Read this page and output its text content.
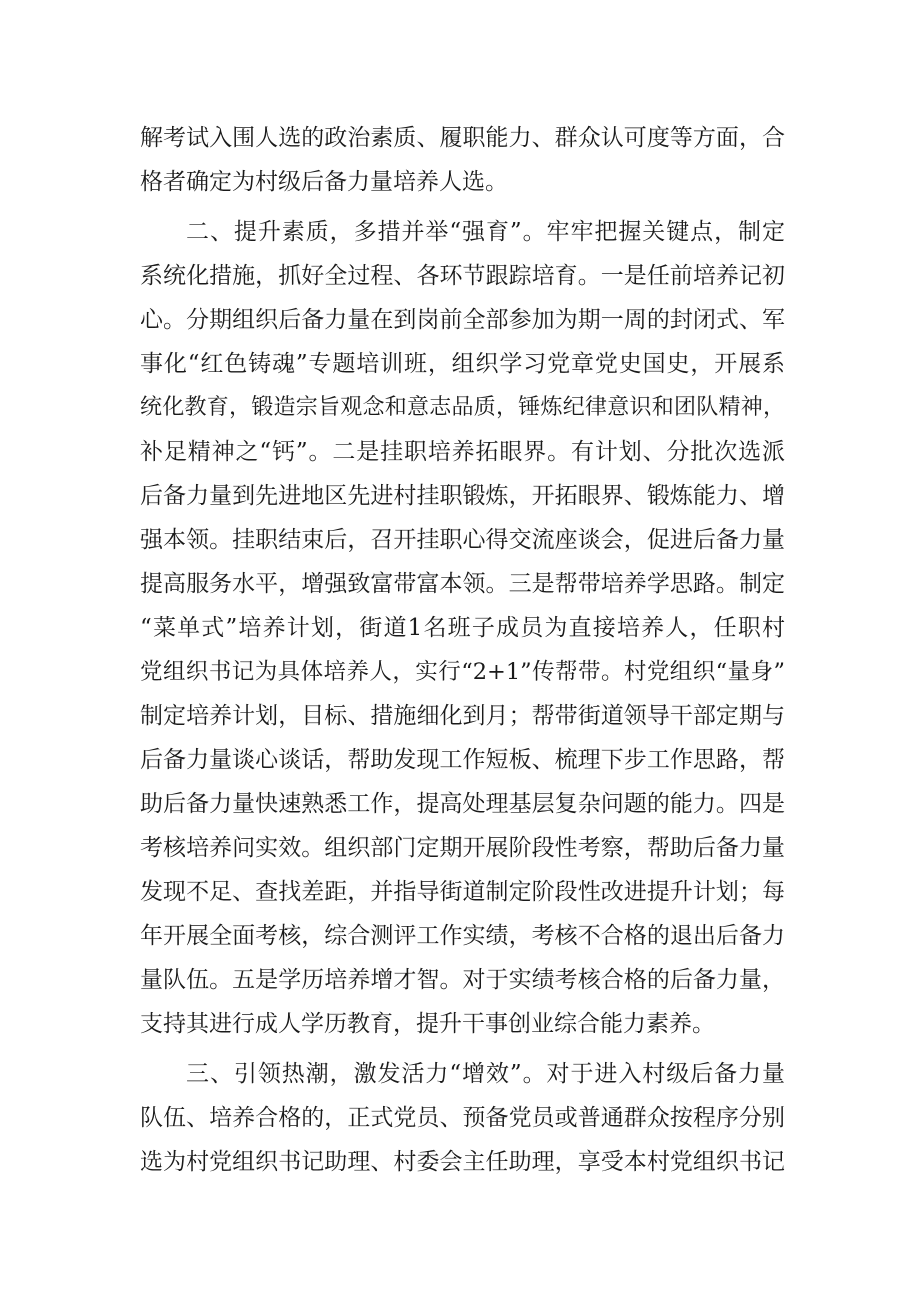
解考试入围人选的政治素质、履职能力、群众认可度等方面，合
格者确定为村级后备力量培养人选。
二、提升素质，多措并举“强育”。牢牢把握关键点，制定
系统化措施，抓好全过程、各环节跟踪培育。一是任前培养记初
心。分期组织后备力量在到岗前全部参加为期一周的封闭式、军
事化“红色铸魂”专题培训班，组织学习党章党史国史，开展系
统化教育，锻造宗旨观念和意志品质，锤炼纪律意识和团队精神，
补足精神之“钙”。二是挂职培养拓眼界。有计划、分批次选派
后备力量到先进地区先进村挂职锻炼，开拓眼界、锻炼能力、增
强本领。挂职结束后，召开挂职心得交流座谈会，促进后备力量
提高服务水平，增强致富带富本领。三是帮带培养学思路。制定
“菜单式”培养计划，街道1名班子成员为直接培养人，任职村
党组织书记为具体培养人，实行“2+1”传帮带。村党组织“量身”
制定培养计划，目标、措施细化到月；帮带街道领导干部定期与
后备力量谈心谈话，帮助发现工作短板、梳理下步工作思路，帮
助后备力量快速熟悉工作，提高处理基层复杂问题的能力。四是
考核培养问实效。组织部门定期开展阶段性考察，帮助后备力量
发现不足、查找差距，并指导街道制定阶段性改进提升计划；每
年开展全面考核，综合测评工作实绩，考核不合格的退出后备力
量队伍。五是学历培养增才智。对于实绩考核合格的后备力量，
支持其进行成人学历教育，提升干事创业综合能力素养。
三、引领热潮，激发活力“增效”。对于进入村级后备力量
队伍、培养合格的，正式党员、预备党员或普通群众按程序分别
选为村党组织书记助理、村委会主任助理，享受本村党组织书记
